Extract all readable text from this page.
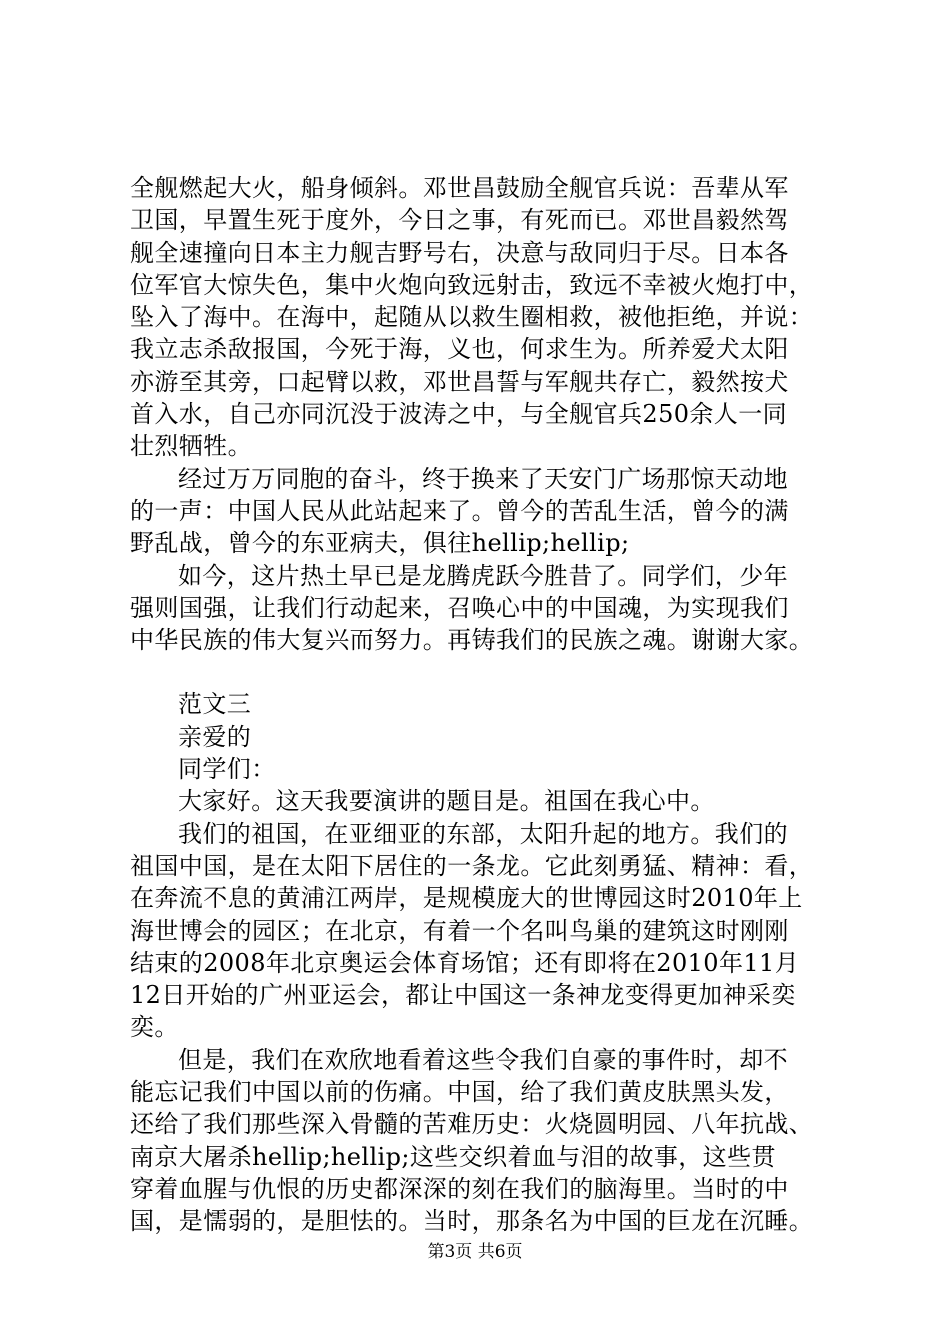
全舰燃起大火，船身倾斜。邓世昌鼓励全舰官兵说：吾辈从军
卫国，早置生死于度外，今日之事，有死而已。邓世昌毅然驾
舰全速撞向日本主力舰吉野号右，决意与敌同归于尽。日本各
位军官大惊失色，集中火炮向致远射击，致远不幸被火炮打中，
坠入了海中。在海中，起随从以救生圈相救，被他拒绝，并说：
我立志杀敌报国，今死于海，义也，何求生为。所养爱犬太阳
亦游至其旁，口起臂以救，邓世昌誓与军舰共存亡，毅然按犬
首入水，自己亦同沉没于波涛之中，与全舰官兵250余人一同
壮烈牺牲。
经过万万同胞的奋斗，终于换来了天安门广场那惊天动地
的一声：中国人民从此站起来了。曾今的苦乱生活，曾今的满
野乱战，曾今的东亚病夫，俱往hellip;hellip;
如今，这片热土早已是龙腾虎跃今胜昔了。同学们，少年
强则国强，让我们行动起来，召唤心中的中国魂，为实现我们
中华民族的伟大复兴而努力。再铸我们的民族之魂。谢谢大家。
范文三
亲爱的
同学们：
大家好。这天我要演讲的题目是。祖国在我心中。
我们的祖国，在亚细亚的东部，太阳升起的地方。我们的
祖国中国，是在太阳下居住的一条龙。它此刻勇猛、精神：看，
在奔流不息的黄浦江两岸，是规模庞大的世博园这时2010年上
海世博会的园区；在北京，有着一个名叫鸟巢的建筑这时刚刚
结束的2008年北京奥运会体育场馆；还有即将在2010年11月
12日开始的广州亚运会，都让中国这一条神龙变得更加神采奕
奕。
但是，我们在欢欣地看着这些令我们自豪的事件时，却不
能忘记我们中国以前的伤痛。中国，给了我们黄皮肤黑头发，
还给了我们那些深入骨髓的苦难历史：火烧圆明园、八年抗战、
南京大屠杀hellip;hellip;这些交织着血与泪的故事，这些贯
穿着血腥与仇恨的历史都深深的刻在我们的脑海里。当时的中
国，是懦弱的，是胆怯的。当时，那条名为中国的巨龙在沉睡。
第3页 共6页
